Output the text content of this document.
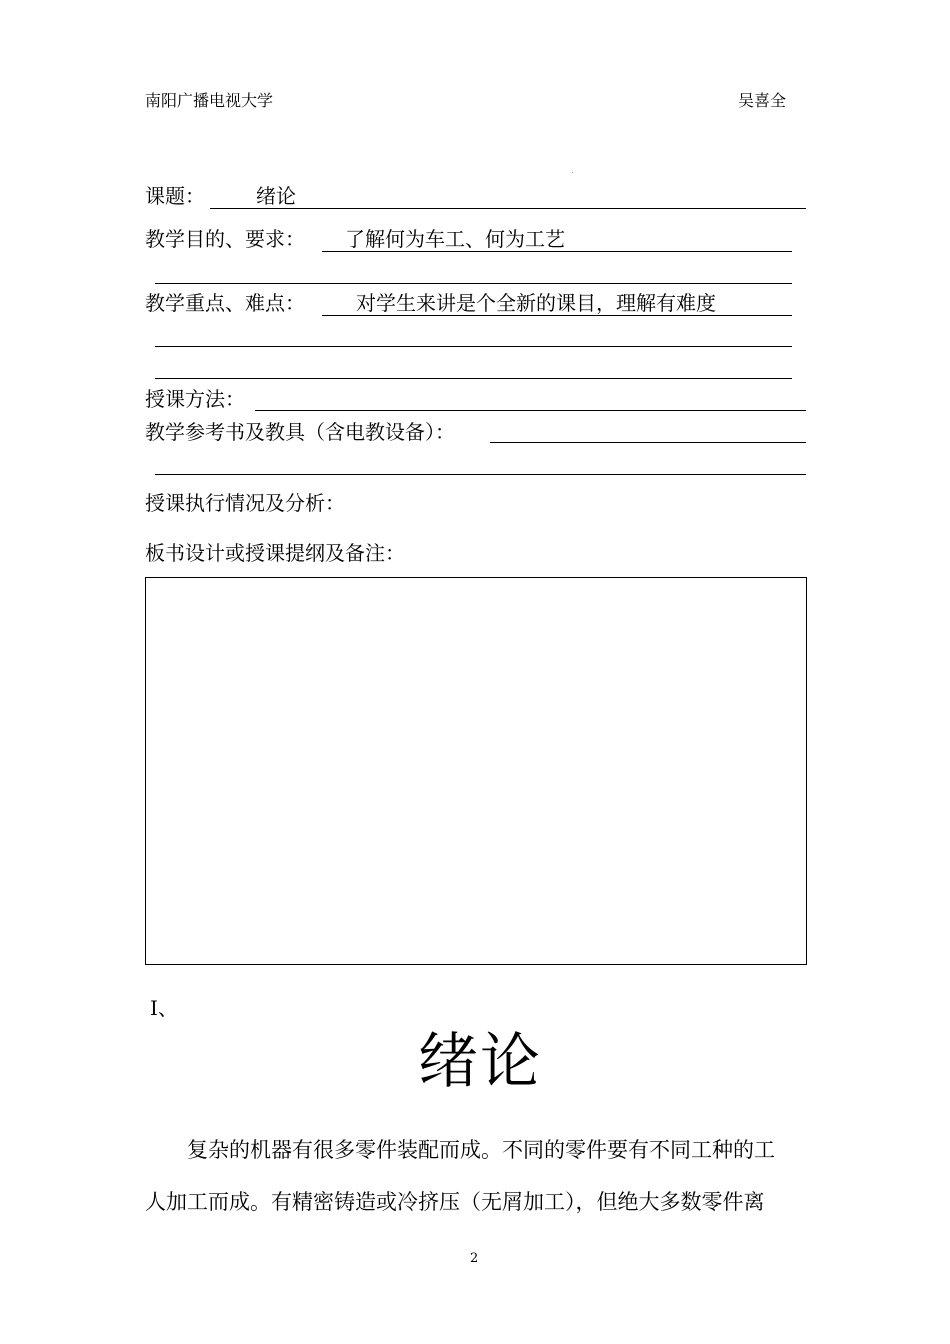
南阳广播电视大学	吴喜全
课题：	绪论
教学目的、要求： 了解何为车工、何为工艺
教学重点、难点：	对学生来讲是个全新的课目，理解有难度
授课方法：
教学参考书及教具（含电教设备）：
授课执行情况及分析：
板书设计或授课提纲及备注：
Ⅰ、
绪论
复杂的机器有很多零件装配而成。不同的零件要有不同工种的工
人加工而成。有精密铸造或冷挤压（无屑加工），但绝大多数零件离
2
